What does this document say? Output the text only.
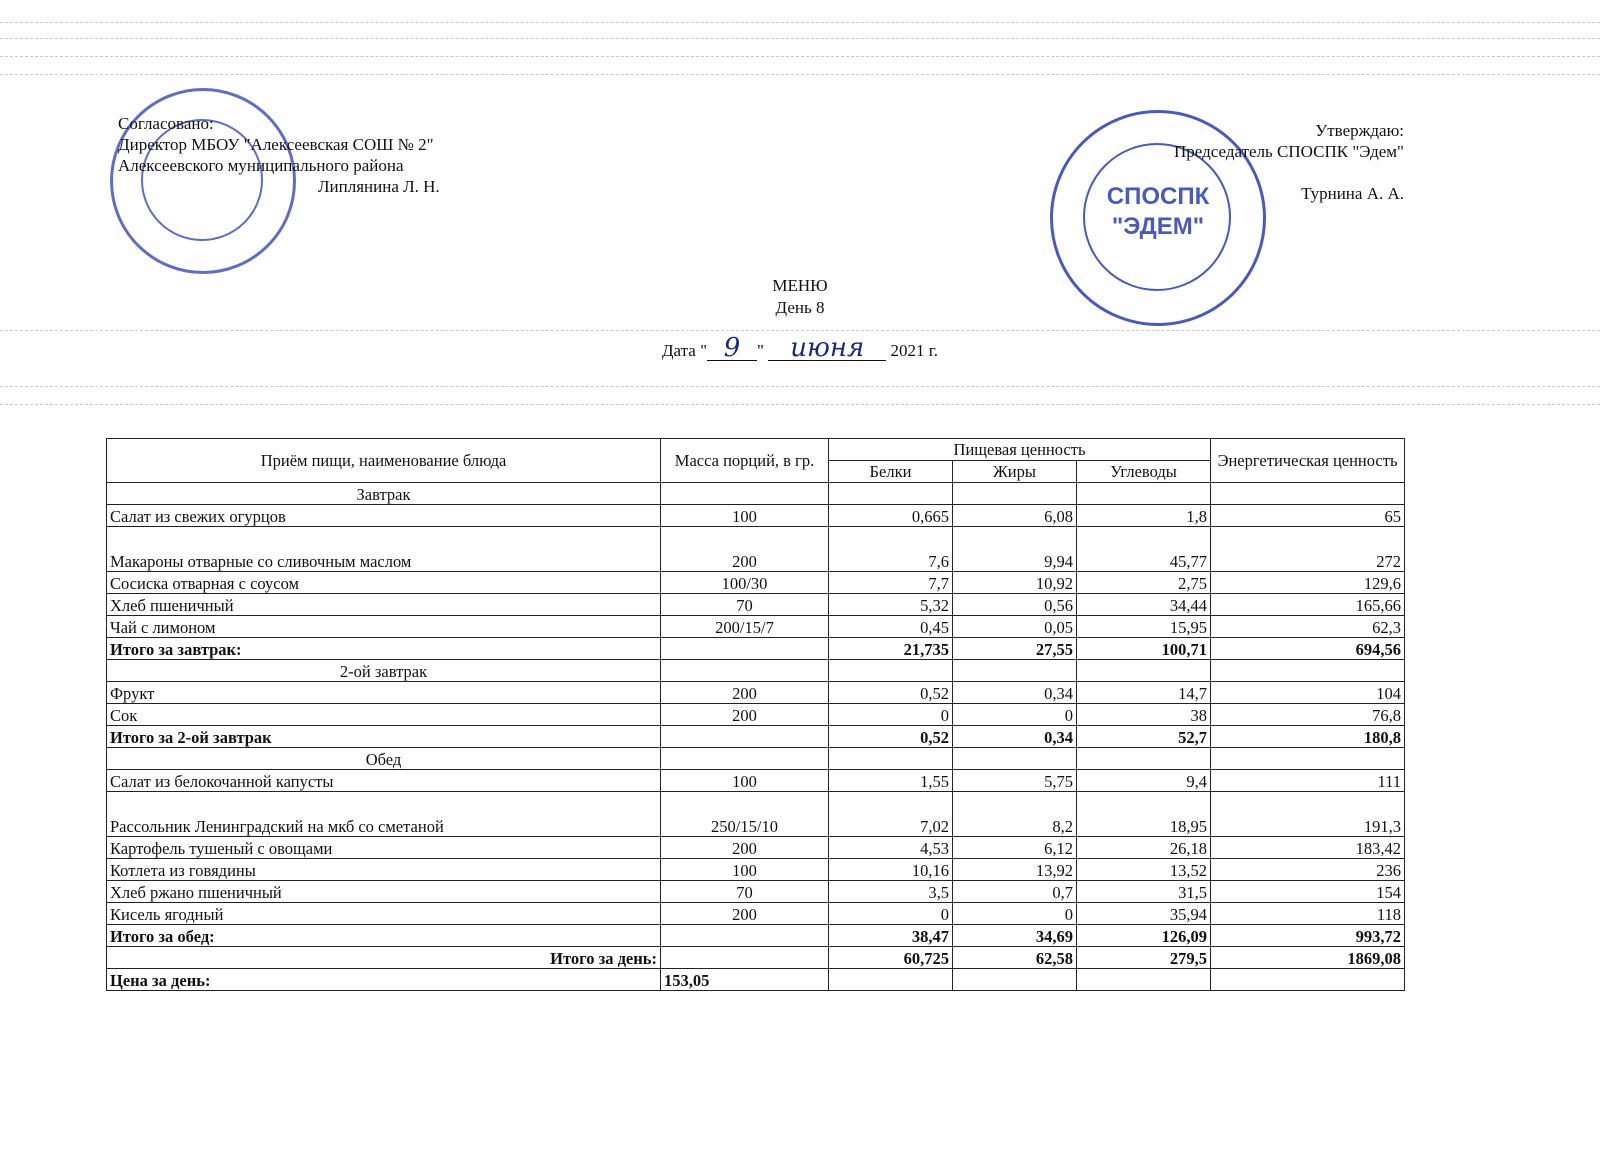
СПОСПК
"ЭДЕМ"
Согласовано:
Директор МБОУ "Алексеевская СОШ № 2"
Алексеевского муниципального района
Липлянина Л. Н.
Утверждаю:
Председатель СПОСПК "Эдем"
Турнина А. А.
МЕНЮ
День 8
Дата " 9 " июня 2021 г.
Приём пищи, наименование блюда	Масса порций, в гр.	Пищевая ценность			Энергетическая ценность
		Белки	Жиры	Углеводы	
Завтрак					
Салат из свежих огурцов	100	0,665	6,08	1,8	65
Макароны отварные со сливочным маслом	200	7,6	9,94	45,77	272
Сосиска отварная с соусом	100/30	7,7	10,92	2,75	129,6
Хлеб пшеничный	70	5,32	0,56	34,44	165,66
Чай с лимоном	200/15/7	0,45	0,05	15,95	62,3
Итого за завтрак:		21,735	27,55	100,71	694,56
2-ой завтрак					
Фрукт	200	0,52	0,34	14,7	104
Сок	200	0	0	38	76,8
Итого за 2-ой завтрак		0,52	0,34	52,7	180,8
Обед					
Салат из белокочанной капусты	100	1,55	5,75	9,4	111
Рассольник Ленинградский на мкб со сметаной	250/15/10	7,02	8,2	18,95	191,3
Картофель тушеный с овощами	200	4,53	6,12	26,18	183,42
Котлета из говядины	100	10,16	13,92	13,52	236
Хлеб ржано пшеничный	70	3,5	0,7	31,5	154
Кисель ягодный	200	0	0	35,94	118
Итого за обед:		38,47	34,69	126,09	993,72
Итого за день:		60,725	62,58	279,5	1869,08
Цена за день:	153,05				
